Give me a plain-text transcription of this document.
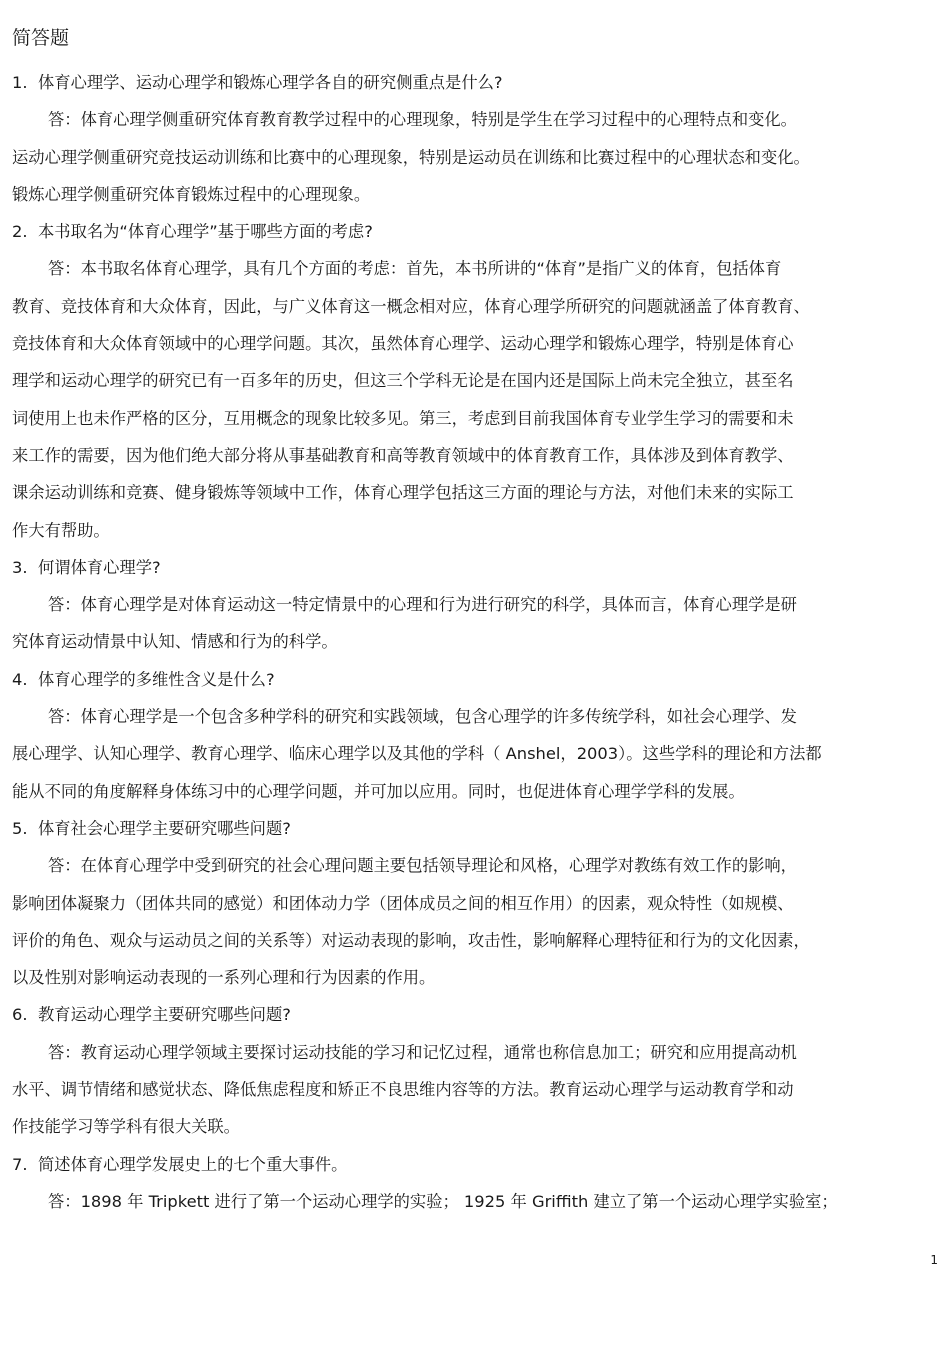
简答题
1. 体育心理学、运动心理学和锻炼心理学各自的研究侧重点是什么?
答：体育心理学侧重研究体育教育教学过程中的心理现象，特别是学生在学习过程中的心理特点和变化。
运动心理学侧重研究竞技运动训练和比赛中的心理现象，特别是运动员在训练和比赛过程中的心理状态和变化。
锻炼心理学侧重研究体育锻炼过程中的心理现象。
2. 本书取名为“体育心理学”基于哪些方面的考虑?
答：本书取名体育心理学，具有几个方面的考虑：首先，本书所讲的“体育”是指广义的体育，包括体育
教育、竞技体育和大众体育，因此，与广义体育这一概念相对应，体育心理学所研究的问题就涵盖了体育教育、
竞技体育和大众体育领域中的心理学问题。其次，虽然体育心理学、运动心理学和锻炼心理学，特别是体育心
理学和运动心理学的研究已有一百多年的历史，但这三个学科无论是在国内还是国际上尚未完全独立，甚至名
词使用上也未作严格的区分，互用概念的现象比较多见。第三，考虑到目前我国体育专业学生学习的需要和未
来工作的需要，因为他们绝大部分将从事基础教育和高等教育领域中的体育教育工作，具体涉及到体育教学、
课余运动训练和竞赛、健身锻炼等领域中工作，体育心理学包括这三方面的理论与方法，对他们未来的实际工
作大有帮助。
3. 何谓体育心理学?
答：体育心理学是对体育运动这一特定情景中的心理和行为进行研究的科学，具体而言，体育心理学是研
究体育运动情景中认知、情感和行为的科学。
4. 体育心理学的多维性含义是什么?
答：体育心理学是一个包含多种学科的研究和实践领域，包含心理学的许多传统学科，如社会心理学、发
展心理学、认知心理学、教育心理学、临床心理学以及其他的学科（ Anshel，2003）。这些学科的理论和方法都
能从不同的角度解释身体练习中的心理学问题，并可加以应用。同时，也促进体育心理学学科的发展。
5. 体育社会心理学主要研究哪些问题?
答：在体育心理学中受到研究的社会心理问题主要包括领导理论和风格，心理学对教练有效工作的影响，
影响团体凝聚力（团体共同的感觉）和团体动力学（团体成员之间的相互作用）的因素，观众特性（如规模、
评价的角色、观众与运动员之间的关系等）对运动表现的影响，攻击性，影响解释心理特征和行为的文化因素，
以及性别对影响运动表现的一系列心理和行为因素的作用。
6. 教育运动心理学主要研究哪些问题?
答：教育运动心理学领域主要探讨运动技能的学习和记忆过程，通常也称信息加工；研究和应用提高动机
水平、调节情绪和感觉状态、降低焦虑程度和矫正不良思维内容等的方法。教育运动心理学与运动教育学和动
作技能学习等学科有很大关联。
7. 简述体育心理学发展史上的七个重大事件。
答：1898 年 Tripkett 进行了第一个运动心理学的实验； 1925 年 Griffith 建立了第一个运动心理学实验室；
1
